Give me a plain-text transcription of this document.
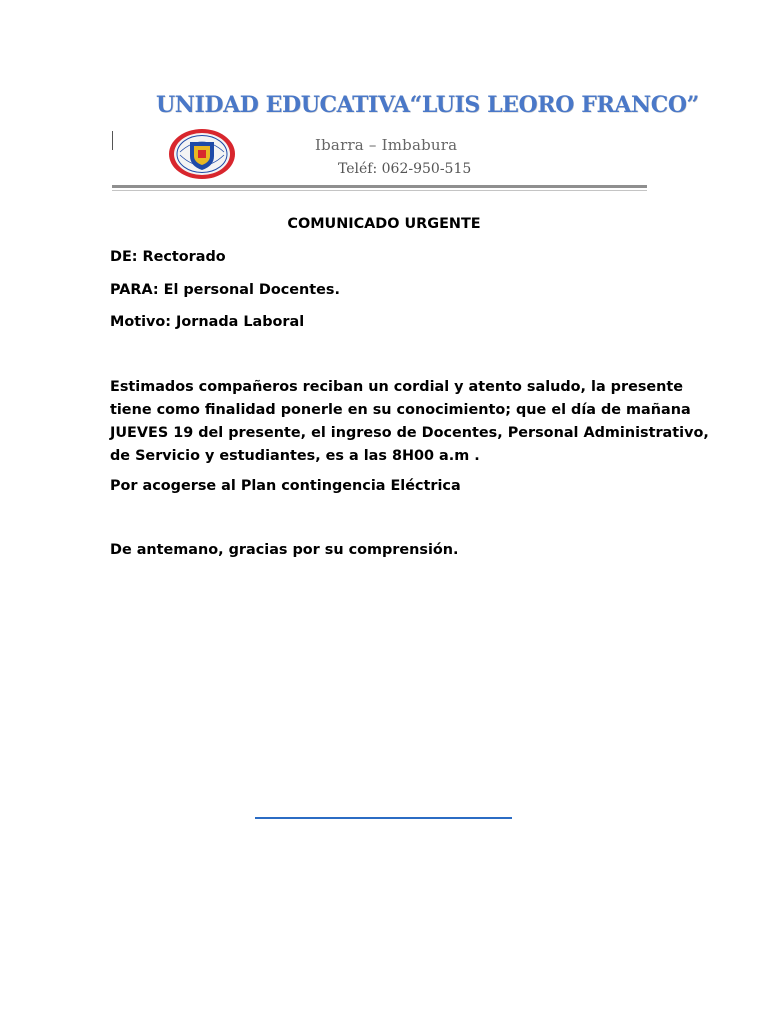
UNIDAD EDUCATIVA“LUIS LEORO FRANCO”
Ibarra – Imbabura
Teléf: 062-950-515
COMUNICADO URGENTE
DE: Rectorado
PARA: El personal Docentes.
Motivo: Jornada Laboral
Estimados compañeros reciban un cordial y atento saludo, la presente
tiene como finalidad ponerle en su conocimiento; que el día de mañana
JUEVES 19 del presente, el ingreso de Docentes, Personal Administrativo,
de Servicio y estudiantes, es a las 8H00 a.m .
Por acogerse al Plan contingencia Eléctrica
De antemano, gracias por su comprensión.
